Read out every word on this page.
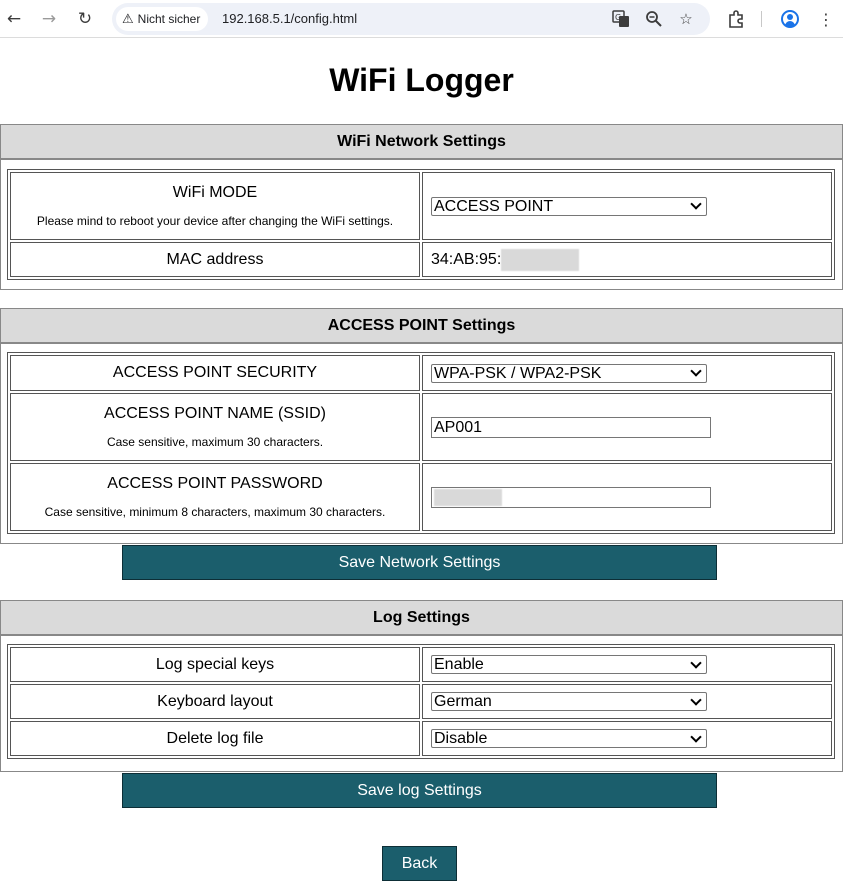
← → ↻	⚠ Nicht sicher 192.168.5.1/config.html	G	☆	⋮
WiFi Logger
WiFi Network Settings
WiFi MODE
Please mind to reboot your device after changing the WiFi settings.	ACCESS POINT

MAC address	34:AB:95:
ACCESS POINT Settings
ACCESS POINT SECURITY	WPA-PSK / WPA2-PSK

ACCESS POINT NAME (SSID)
Case sensitive, maximum 30 characters.	AP001

ACCESS POINT PASSWORD
Case sensitive, minimum 8 characters, maximum 30 characters.	

Save Network Settings
Log Settings
Log special keys	Enable

Keyboard layout	German

Delete log file	Disable
Save log Settings
Back
